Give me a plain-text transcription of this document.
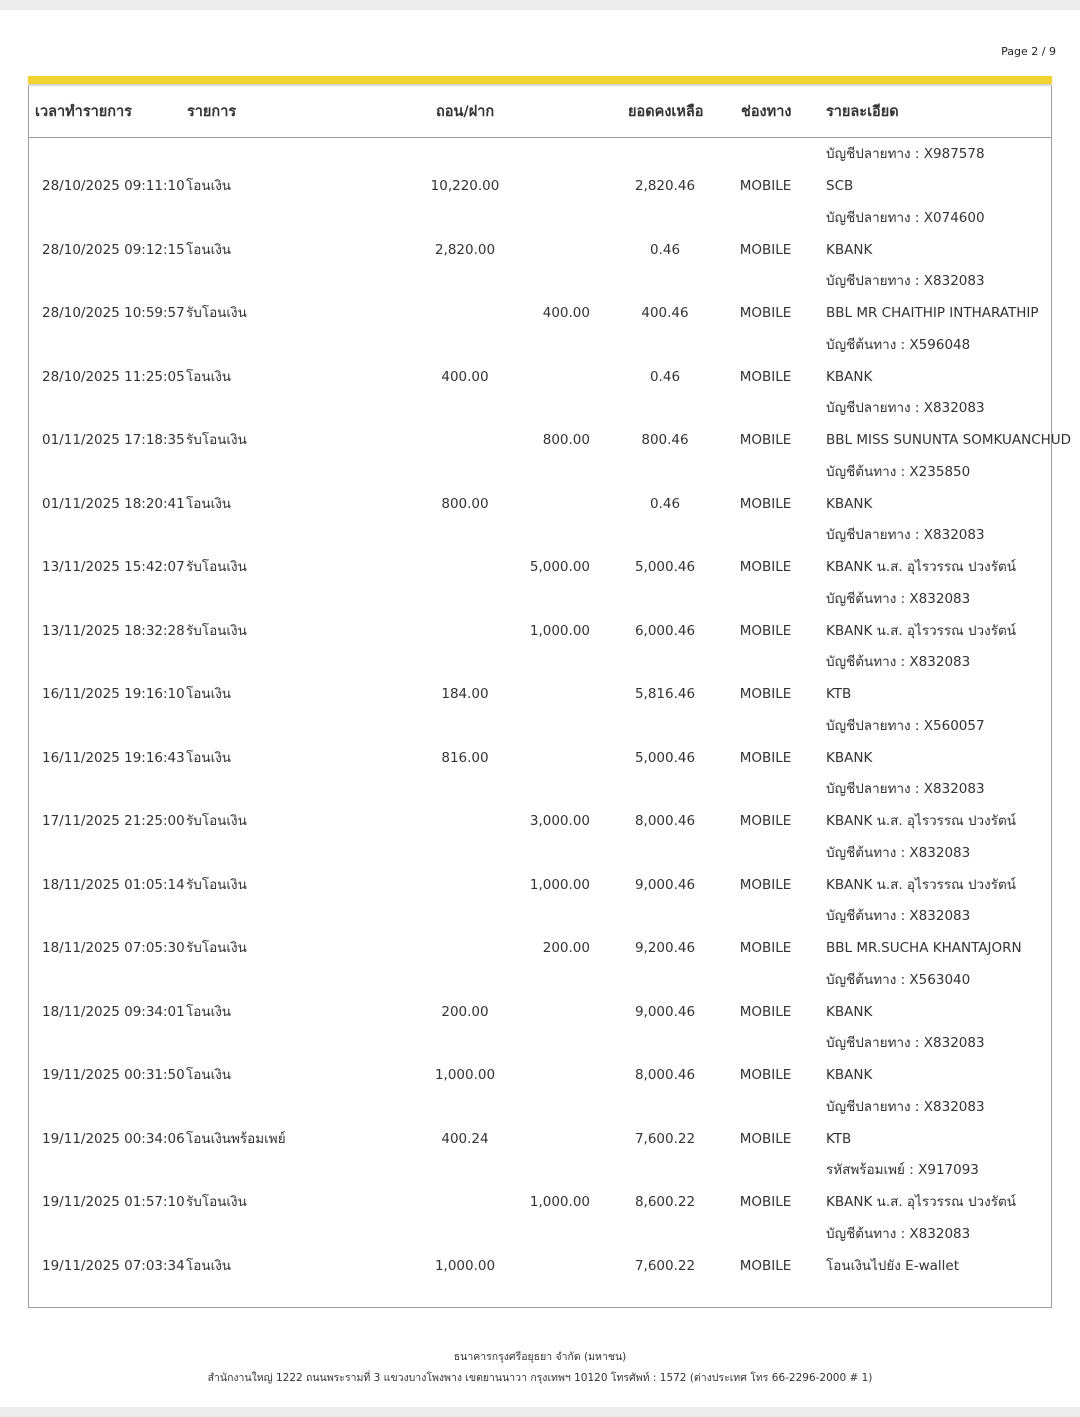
Page 2 / 9
เวลาทำรายการ	รายการ	ถอน/ฝาก	ยอดคงเหลือ	ช่องทาง รายละเอียด
บัญชีปลายทาง : X987578
28/10/2025 09:11:10 โอนเงิน	10,220.00	2,820.46	MOBILE	SCB
บัญชีปลายทาง : X074600
28/10/2025 09:12:15 โอนเงิน	2,820.00	0.46	MOBILE	KBANK
บัญชีปลายทาง : X832083
28/10/2025 10:59:57 รับโอนเงิน	400.00	400.46	MOBILE	BBL MR CHAITHIP INTHARATHIP
บัญชีต้นทาง : X596048
28/10/2025 11:25:05 โอนเงิน	400.00	0.46	MOBILE	KBANK
บัญชีปลายทาง : X832083
01/11/2025 17:18:35 รับโอนเงิน	800.00	800.46	MOBILE	BBL MISS SUNUNTA SOMKUANCHUD
บัญชีต้นทาง : X235850
01/11/2025 18:20:41 โอนเงิน	800.00	0.46	MOBILE	KBANK
บัญชีปลายทาง : X832083
13/11/2025 15:42:07 รับโอนเงิน	5,000.00	5,000.46	MOBILE	KBANK น.ส. อุไรวรรณ ปวงรัตน์
บัญชีต้นทาง : X832083
13/11/2025 18:32:28 รับโอนเงิน	1,000.00	6,000.46	MOBILE	KBANK น.ส. อุไรวรรณ ปวงรัตน์
บัญชีต้นทาง : X832083
16/11/2025 19:16:10 โอนเงิน	184.00	5,816.46	MOBILE	KTB
บัญชีปลายทาง : X560057
16/11/2025 19:16:43 โอนเงิน	816.00	5,000.46	MOBILE	KBANK
บัญชีปลายทาง : X832083
17/11/2025 21:25:00 รับโอนเงิน	3,000.00	8,000.46	MOBILE	KBANK น.ส. อุไรวรรณ ปวงรัตน์
บัญชีต้นทาง : X832083
18/11/2025 01:05:14 รับโอนเงิน	1,000.00	9,000.46	MOBILE	KBANK น.ส. อุไรวรรณ ปวงรัตน์
บัญชีต้นทาง : X832083
18/11/2025 07:05:30 รับโอนเงิน	200.00	9,200.46	MOBILE	BBL MR.SUCHA KHANTAJORN
บัญชีต้นทาง : X563040
18/11/2025 09:34:01 โอนเงิน	200.00	9,000.46	MOBILE	KBANK
บัญชีปลายทาง : X832083
19/11/2025 00:31:50 โอนเงิน	1,000.00	8,000.46	MOBILE	KBANK
บัญชีปลายทาง : X832083
19/11/2025 00:34:06 โอนเงินพร้อมเพย์	400.24	7,600.22	MOBILE	KTB
รหัสพร้อมเพย์ : X917093
19/11/2025 01:57:10 รับโอนเงิน	1,000.00	8,600.22	MOBILE	KBANK น.ส. อุไรวรรณ ปวงรัตน์
บัญชีต้นทาง : X832083
19/11/2025 07:03:34 โอนเงิน	1,000.00	7,600.22	MOBILE	โอนเงินไปยัง E-wallet
ธนาคารกรุงศรีอยุธยา จำกัด (มหาชน)
สำนักงานใหญ่ 1222 ถนนพระรามที่ 3 แขวงบางโพงพาง เขตยานนาวา กรุงเทพฯ 10120 โทรศัพท์ : 1572 (ต่างประเทศ โทร 66-2296-2000 # 1)
